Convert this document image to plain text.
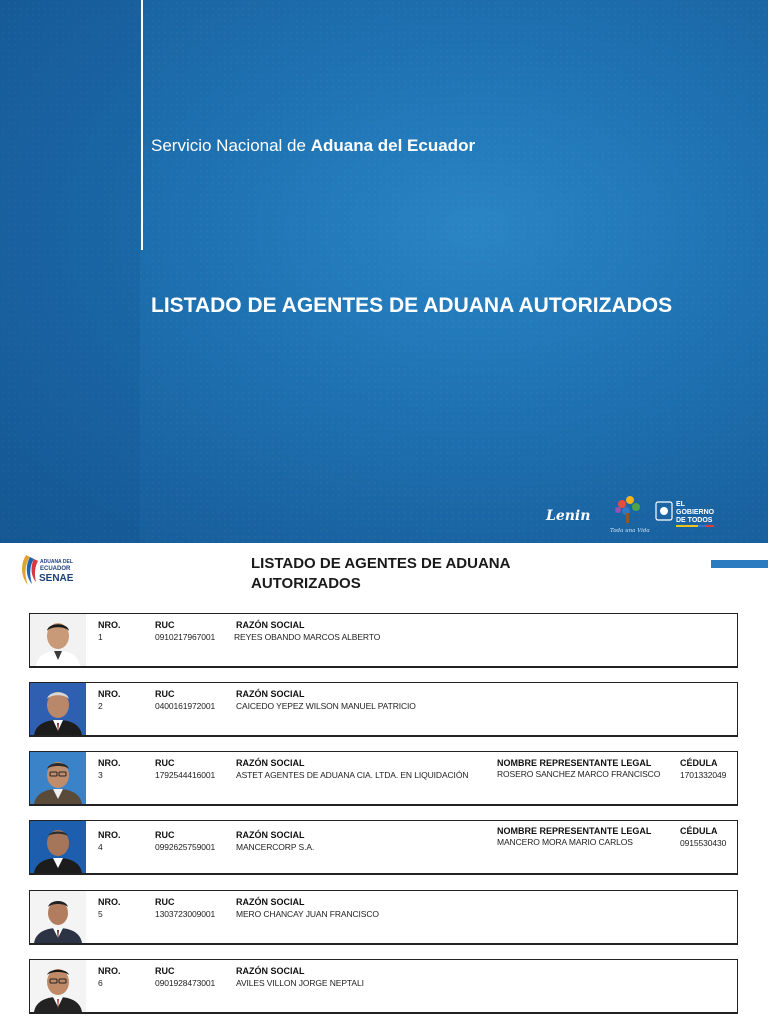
Servicio Nacional de Aduana del Ecuador
LISTADO DE AGENTES DE ADUANA AUTORIZADOS
Lenin
Toda una Vida
EL
GOBIERNO
DE TODOS
ADUANA DEL
ECUADOR
SENAE
LISTADO DE AGENTES DE ADUANA AUTORIZADOS
NRO.
1
RUC
0910217967001
RAZÓN SOCIAL
REYES OBANDO MARCOS ALBERTO
NRO.
2
RUC
0400161972001
RAZÓN SOCIAL
CAICEDO YEPEZ WILSON MANUEL PATRICIO
NRO.
3
RUC
1792544416001
RAZÓN SOCIAL
ASTET AGENTES DE ADUANA CIA. LTDA. EN LIQUIDACIÓN
NOMBRE REPRESENTANTE LEGAL
ROSERO SANCHEZ MARCO FRANCISCO
CÉDULA
1701332049
NRO.
4
RUC
0992625759001
RAZÓN SOCIAL
MANCERCORP S.A.
NOMBRE REPRESENTANTE LEGAL
MANCERO MORA MARIO CARLOS
CÉDULA
0915530430
NRO.
5
RUC
1303723009001
RAZÓN SOCIAL
MERO CHANCAY JUAN FRANCISCO
NRO.
6
RUC
0901928473001
RAZÓN SOCIAL
AVILES VILLON JORGE NEPTALI
